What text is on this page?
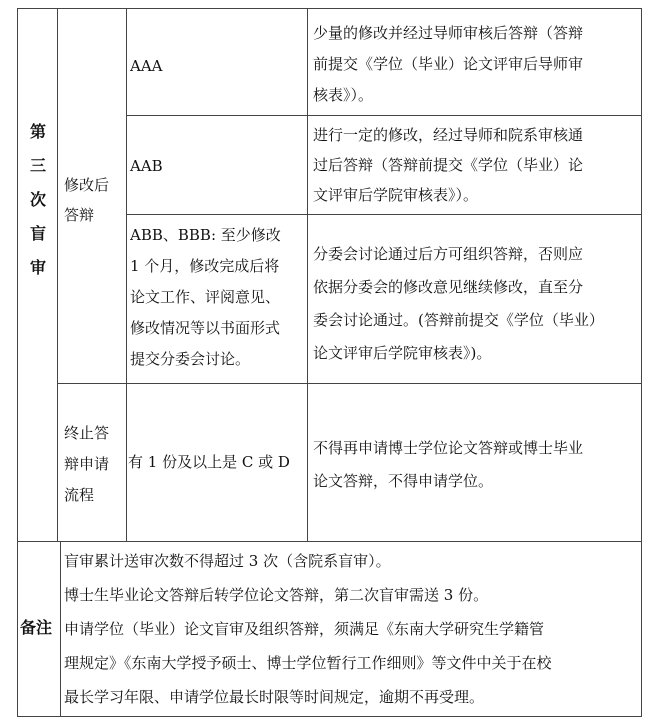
第
三
次
盲
审
修改后
答辩
AAA
少量的修改并经过导师审核后答辩（答辩
前提交《学位（毕业）论文评审后导师审
核表》）。
AAB
进行一定的修改，经过导师和院系审核通
过后答辩（答辩前提交《学位（毕业）论
文评审后学院审核表》）。
ABB、BBB: 至少修改
1 个月，修改完成后将
论文工作、评阅意见、
修改情况等以书面形式
提交分委会讨论。
分委会讨论通过后方可组织答辩，否则应
依据分委会的修改意见继续修改，直至分
委会讨论通过。(答辩前提交《学位（毕业）
论文评审后学院审核表》)。
终止答
辩申请
流程
有 1 份及以上是 C 或 D
不得再申请博士学位论文答辩或博士毕业
论文答辩，不得申请学位。
备注
盲审累计送审次数不得超过 3 次（含院系盲审）。
博士生毕业论文答辩后转学位论文答辩，第二次盲审需送 3 份。
申请学位（毕业）论文盲审及组织答辩，须满足《东南大学研究生学籍管
理规定》《东南大学授予硕士、博士学位暂行工作细则》等文件中关于在校
最长学习年限、申请学位最长时限等时间规定，逾期不再受理。
